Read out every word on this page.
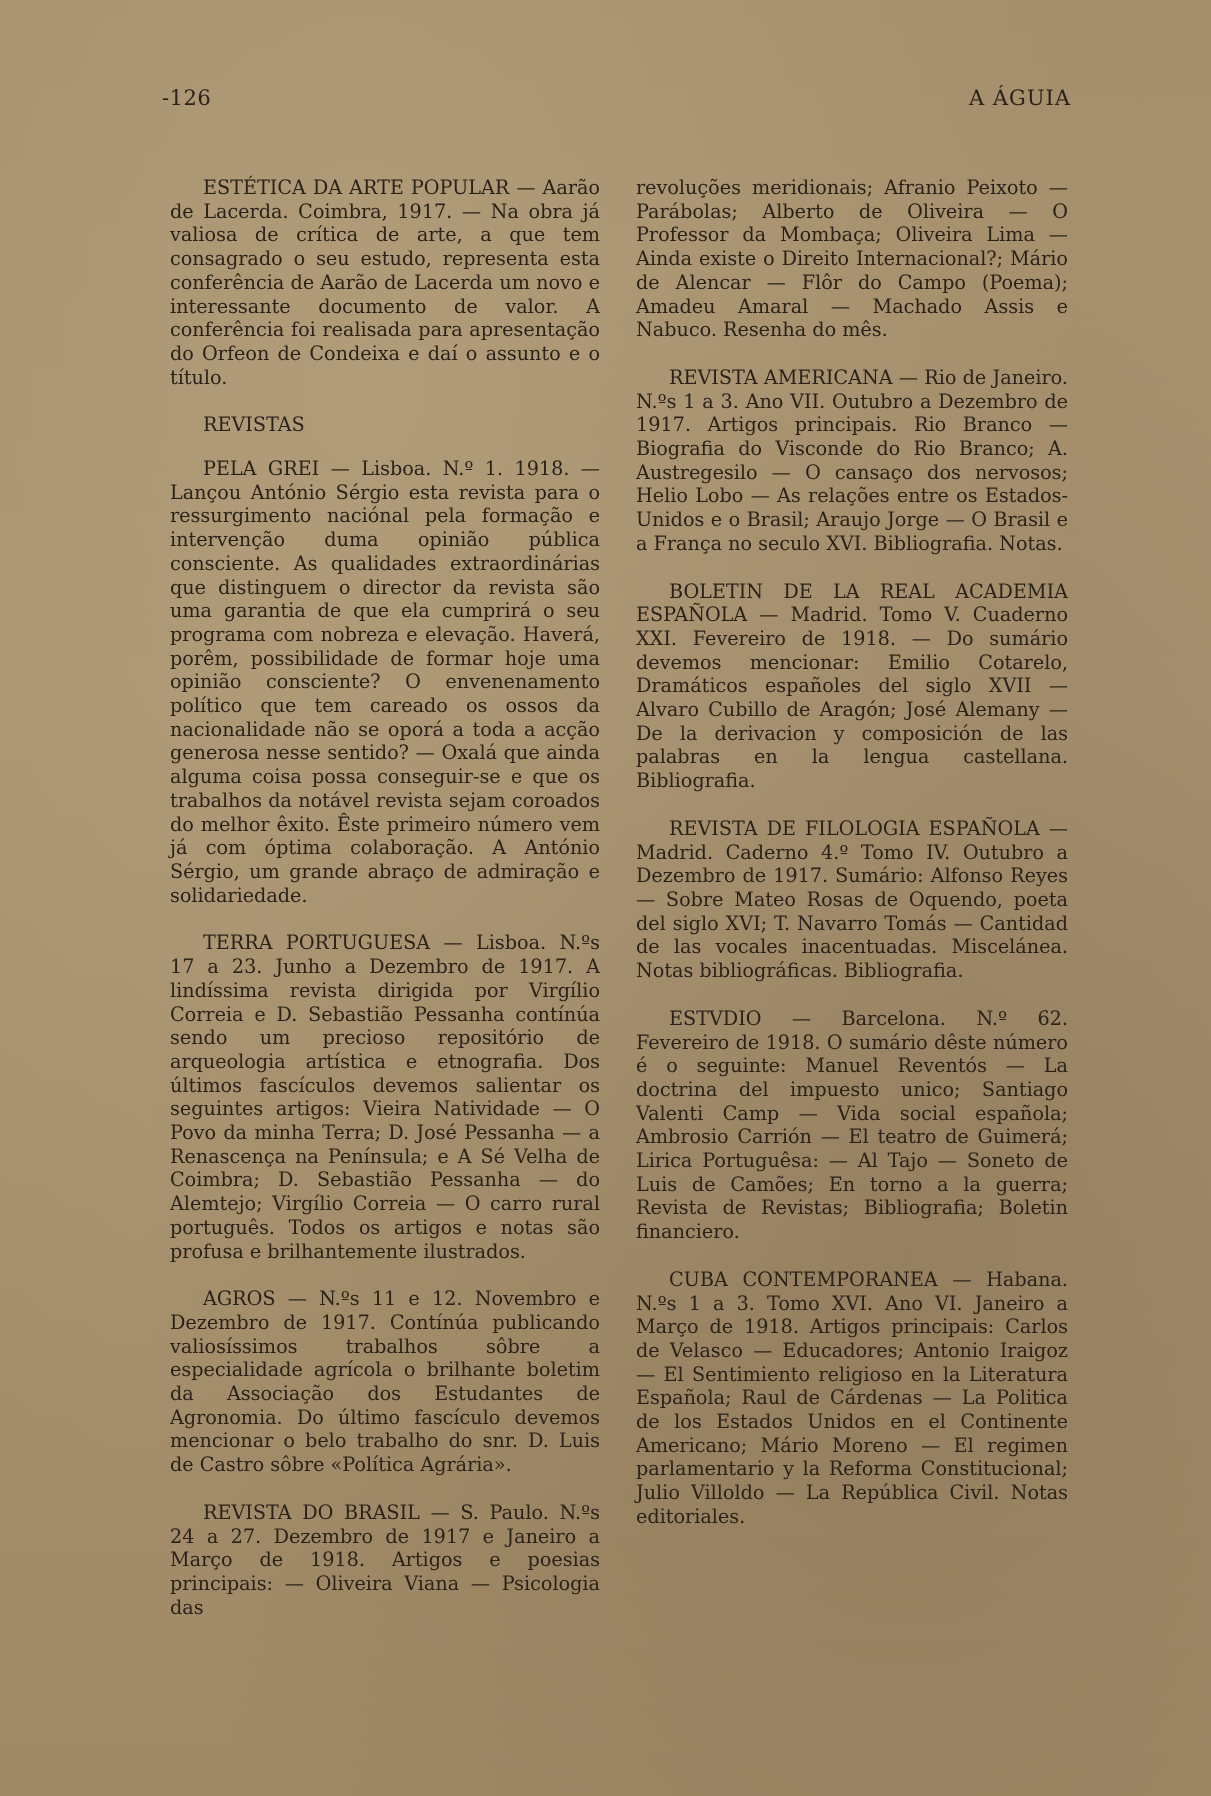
-126	A ÁGUIA

ESTÉTICA DA ARTE POPULAR — Aarão de Lacerda. Coimbra, 1917. — Na obra já valiosa de crítica de arte, a que tem consagrado o seu estudo, representa esta conferência de Aarão de Lacerda um novo e interessante documento de valor. A conferência foi realisada para apresentação do Orfeon de Condeixa e daí o assunto e o título.

REVISTAS

PELA GREI — Lisboa. N.º 1. 1918. — Lançou António Sérgio esta revista para o ressurgimento naciónal pela formação e intervenção duma opinião pública consciente. As qualidades extraordinárias que distinguem o director da revista são uma garantia de que ela cumprirá o seu programa com nobreza e elevação. Haverá, porêm, possibilidade de formar hoje uma opinião consciente? O envenenamento político que tem careado os ossos da nacionalidade não se oporá a toda a acção generosa nesse sentido? — Oxalá que ainda alguma coisa possa conseguir-se e que os trabalhos da notável revista sejam coroados do melhor êxito. Êste primeiro número vem já com óptima colaboração. A António Sérgio, um grande abraço de admiração e solidariedade.

TERRA PORTUGUESA — Lisboa. N.ºs 17 a 23. Junho a Dezembro de 1917. A lindíssima revista dirigida por Virgílio Correia e D. Sebastião Pessanha contínúa sendo um precioso repositório de arqueologia artística e etnografia. Dos últimos fascículos devemos salientar os seguintes artigos: Vieira Natividade — O Povo da minha Terra; D. José Pessanha — a Renascença na Península; e A Sé Velha de Coimbra; D. Sebastião Pessanha — do Alemtejo; Virgílio Correia — O carro rural português. Todos os artigos e notas são profusa e brilhantemente ilustrados.

AGROS — N.ºs 11 e 12. Novembro e Dezembro de 1917. Contínúa publicando valiosíssimos trabalhos sôbre a especialidade agrícola o brilhante boletim da Associação dos Estudantes de Agronomia. Do último fascículo devemos mencionar o belo trabalho do snr. D. Luis de Castro sôbre «Política Agrária».

REVISTA DO BRASIL — S. Paulo. N.ºs 24 a 27. Dezembro de 1917 e Janeiro a Março de 1918. Artigos e poesias principais: — Oliveira Viana — Psicologia das

revoluções meridionais; Afranio Peixoto — Parábolas; Alberto de Oliveira — O Professor da Mombaça; Oliveira Lima — Ainda existe o Direito Internacional?; Mário de Alencar — Flôr do Campo (Poema); Amadeu Amaral — Machado Assis e Nabuco. Resenha do mês.

REVISTA AMERICANA — Rio de Janeiro. N.ºs 1 a 3. Ano VII. Outubro a Dezembro de 1917. Artigos principais. Rio Branco — Biografia do Visconde do Rio Branco; A. Austregesilo — O cansaço dos nervosos; Helio Lobo — As relações entre os Estados-Unidos e o Brasil; Araujo Jorge — O Brasil e a França no seculo XVI. Bibliografia. Notas.

BOLETIN DE LA REAL ACADEMIA ESPAÑOLA — Madrid. Tomo V. Cuaderno XXI. Fevereiro de 1918. — Do sumário devemos mencionar: Emilio Cotarelo, Dramáticos españoles del siglo XVII — Alvaro Cubillo de Aragón; José Alemany — De la derivacion y composición de las palabras en la lengua castellana. Bibliografia.

REVISTA DE FILOLOGIA ESPAÑOLA — Madrid. Caderno 4.º Tomo IV. Outubro a Dezembro de 1917. Sumário: Alfonso Reyes — Sobre Mateo Rosas de Oquendo, poeta del siglo XVI; T. Navarro Tomás — Cantidad de las vocales inacentuadas. Miscelánea. Notas bibliográficas. Bibliografia.

ESTVDIO — Barcelona. N.º 62. Fevereiro de 1918. O sumário dêste número é o seguinte: Manuel Reventós — La doctrina del impuesto unico; Santiago Valenti Camp — Vida social española; Ambrosio Carrión — El teatro de Guimerá; Lirica Portuguêsa: — Al Tajo — Soneto de Luis de Camões; En torno a la guerra; Revista de Revistas; Bibliografia; Boletin financiero.

CUBA CONTEMPORANEA — Habana. N.ºs 1 a 3. Tomo XVI. Ano VI. Janeiro a Março de 1918. Artigos principais: Carlos de Velasco — Educadores; Antonio Iraigoz — El Sentimiento religioso en la Literatura Española; Raul de Cárdenas — La Politica de los Estados Unidos en el Continente Americano; Mário Moreno — El regimen parlamentario y la Reforma Constitucional; Julio Villoldo — La República Civil. Notas editoriales.
